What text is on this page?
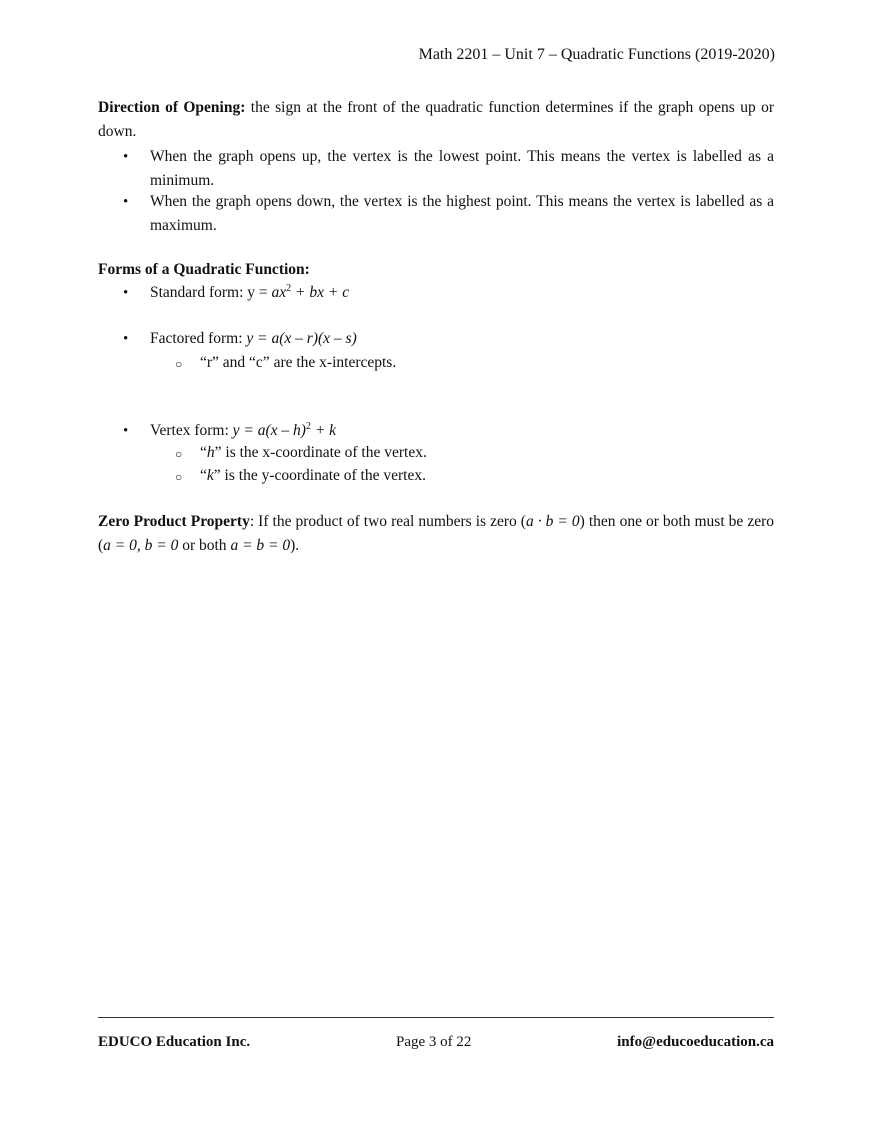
Math 2201 – Unit 7 – Quadratic Functions (2019-2020)
Direction of Opening: the sign at the front of the quadratic function determines if the graph opens up or down.
• When the graph opens up, the vertex is the lowest point. This means the vertex is labelled as a minimum.
• When the graph opens down, the vertex is the highest point. This means the vertex is labelled as a maximum.
Forms of a Quadratic Function:
• Standard form: $y = ax^2$ + bx + c
• Factored form: y = a(x – r)(x – s)
○ “r” and “c” are the x-intercepts.
• Vertex form: y = a(x – h)$^2$ + k
○ “h” is the x-coordinate of the vertex.
○ “k” is the y-coordinate of the vertex.
Zero Product Property: If the product of two real numbers is zero (a · b = 0) then one or both must be zero (a = 0, b = 0 or both a = b = 0).
EDUCO Education Inc.	Page 3 of 22	info@educoeducation.ca
